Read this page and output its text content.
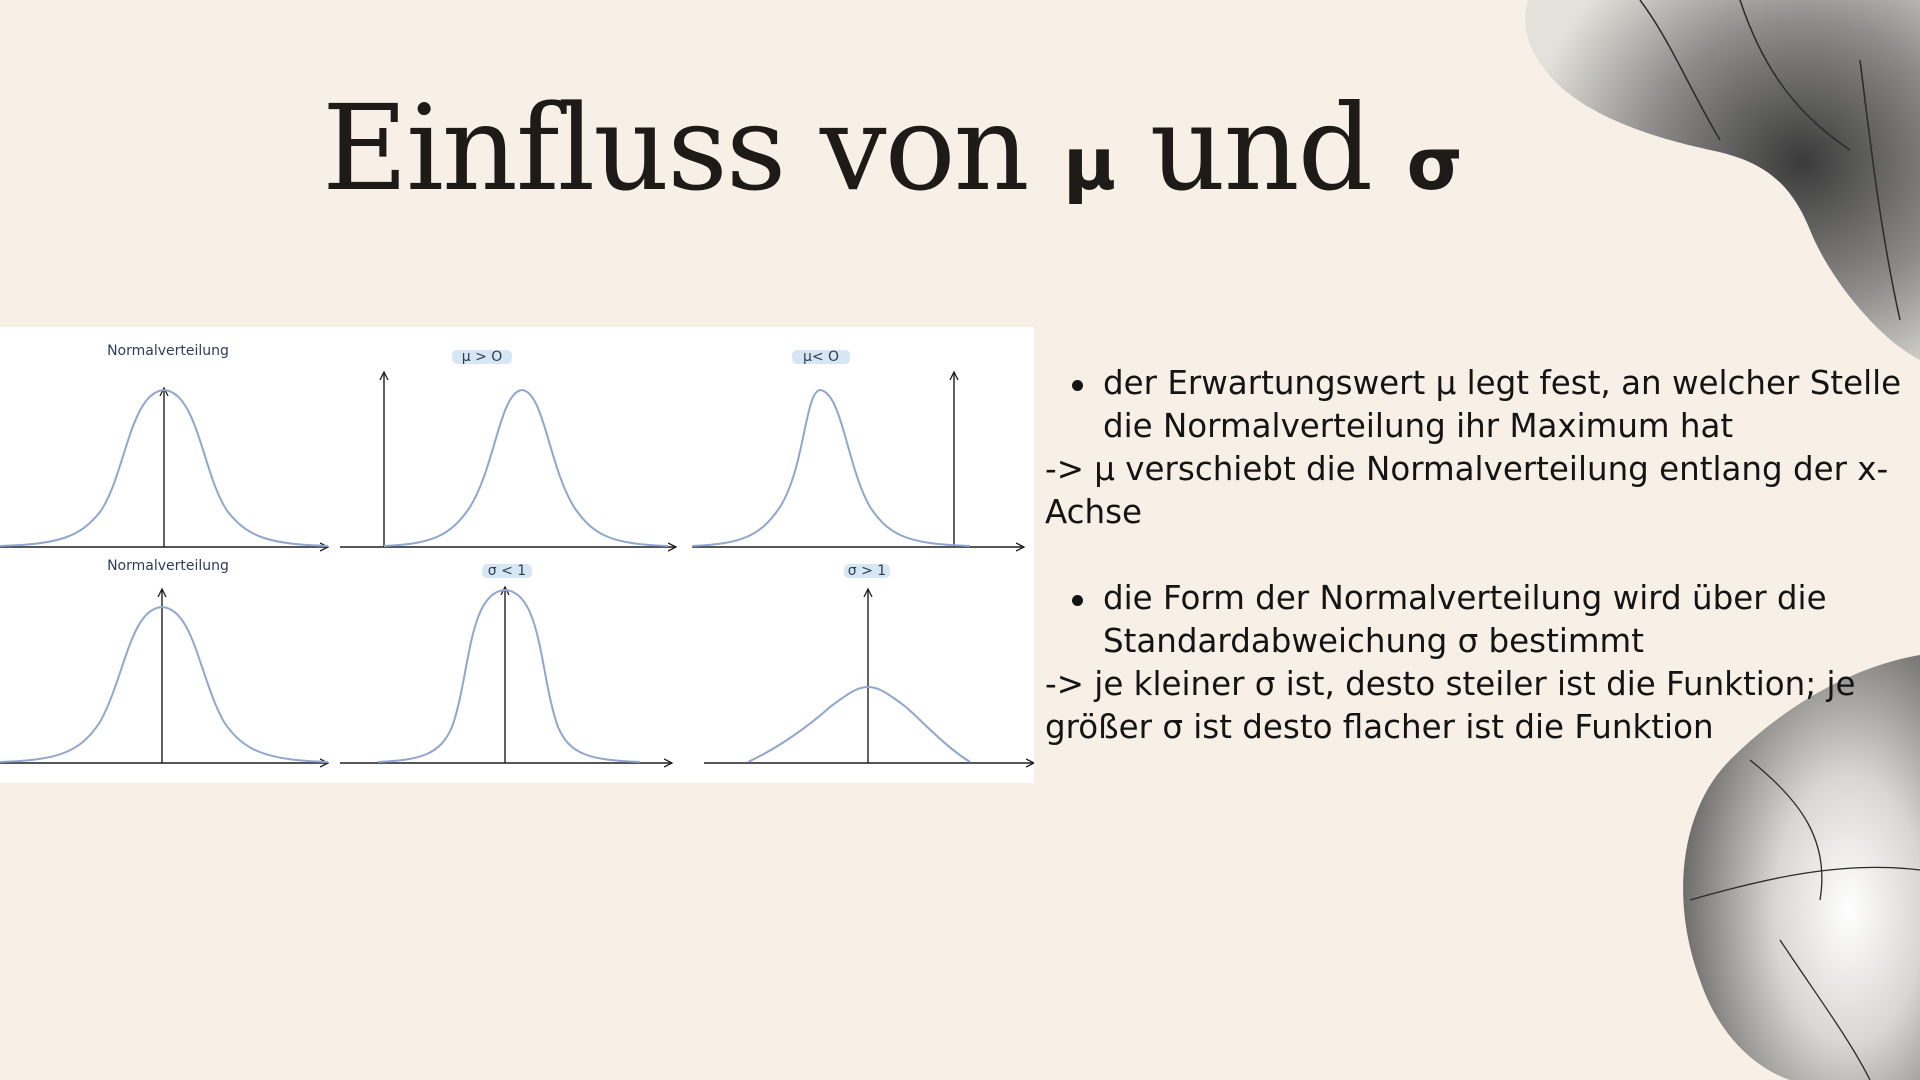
Einfluss von μ und σ
Normalverteilung	μ > O	μ< O
Normalverteilung	σ < 1	σ > 1
der Erwartungswert μ legt fest, an welcher Stelle die Normalverteilung ihr Maximum hat
-> μ verschiebt die Normalverteilung entlang der x- Achse
die Form der Normalverteilung wird über die Standardabweichung σ bestimmt
-> je kleiner σ ist, desto steiler ist die Funktion; je größer σ ist desto flacher ist die Funktion
